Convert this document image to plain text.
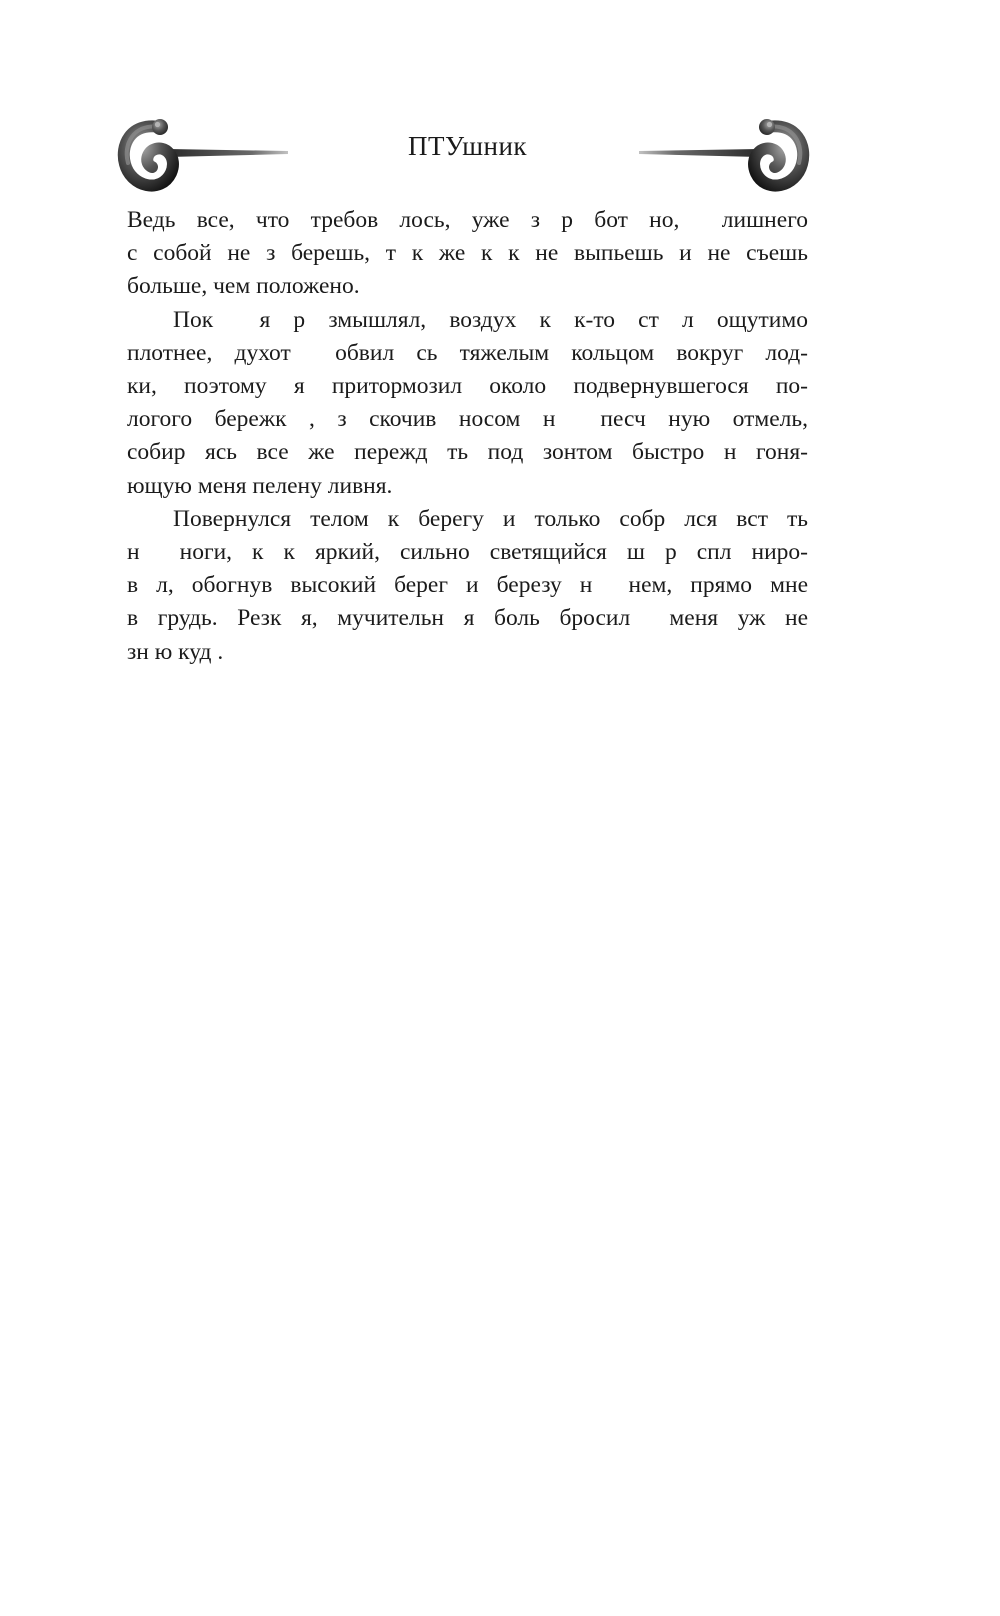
ПТУшник
Ведь все, что требов лось, уже з р бот но,  лишнего
с собой не з берешь, т к же к к не выпьешь и не съешь
больше, чем положено.
Пок  я р змышлял, воздух к к-то ст л ощутимо
плотнее, духот  обвил сь тяжелым кольцом вокруг лод-
ки, поэтому я притормозил около подвернувшегося по-
логого бережк , з скочив носом н  песч ную отмель,
собир ясь все же пережд ть под зонтом быстро н гоня-
ющую меня пелену ливня.
Повернулся телом к берегу и только собр лся вст ть
н  ноги, к к яркий, сильно светящийся ш р спл ниро-
в л, обогнув высокий берег и березу н  нем, прямо мне
в грудь. Резк я, мучительн я боль бросил  меня уж не
зн ю куд .
